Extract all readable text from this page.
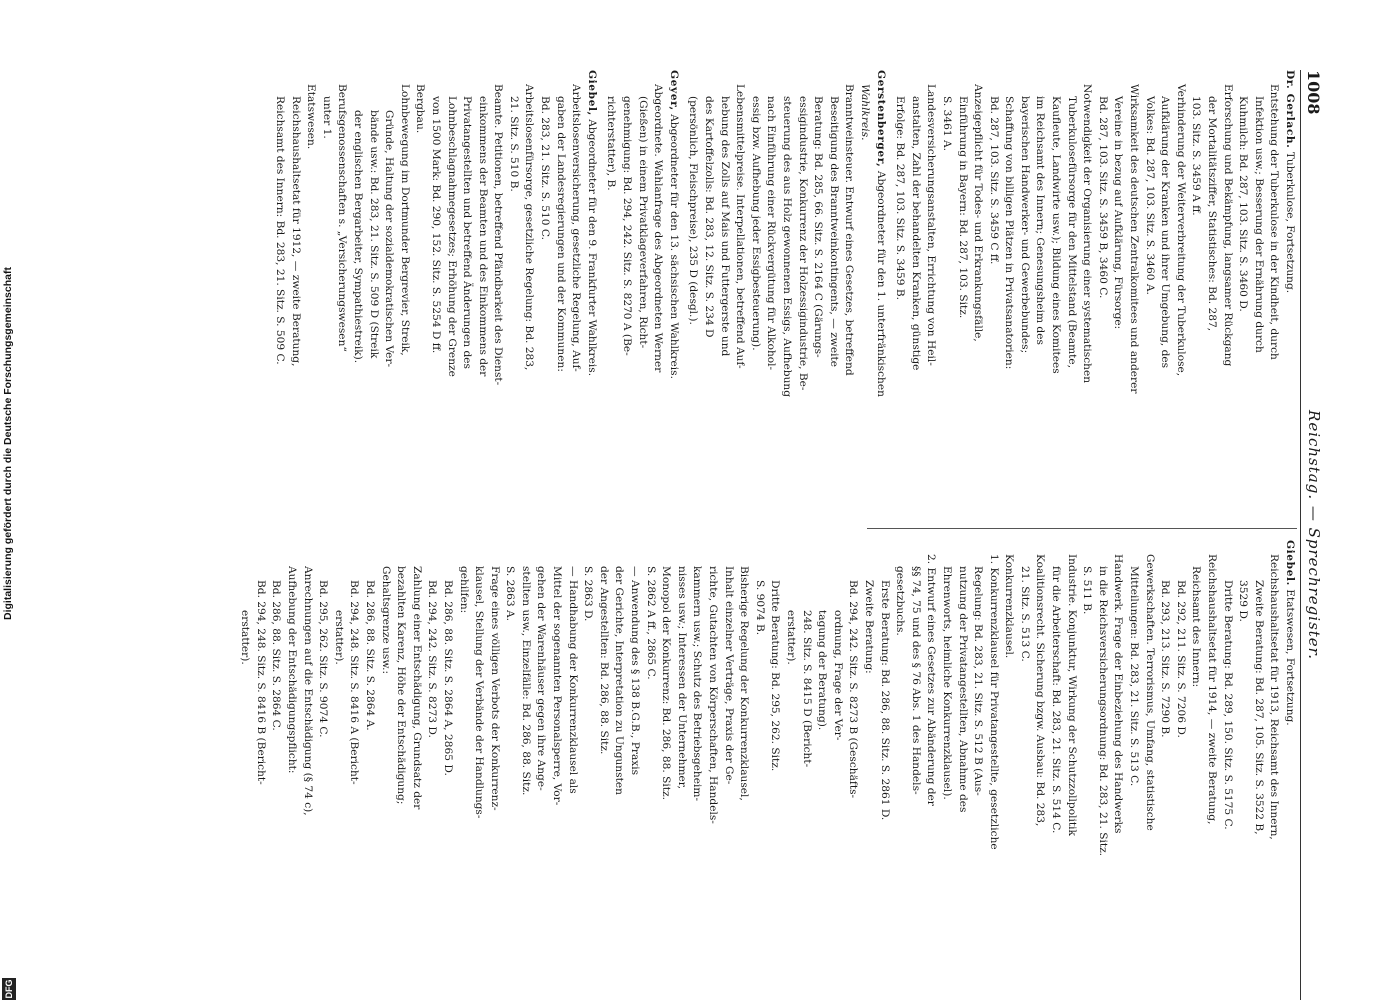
1008
Reichstag. — Sprechregister.
Dr. Gerlach. Tuberkulose, Fortsetzung.
Entstehung der Tuberkulose in der Kindheit, durch
Infektion usw.; Besserung der Ernährung durch
Kuhmilch: Bd. 287, 103. Sitz. S. 3460 D.
Erforschung und Bekämpfung, langsamer Rückgang
der Mortalitätsziffer, Statistisches: Bd. 287,
103. Sitz. S. 3459 A ff.
Verhinderung der Weiterverbreitung der Tuberkulose,
Aufklärung der Kranken und ihrer Umgebung, des
Volkes: Bd. 287, 103. Sitz. S. 3460 A.
Wirksamkeit des deutschen Zentralkomitees und anderer
Vereine in bezug auf Aufklärung, Fürsorge:
Bd. 287, 103. Sitz. S. 3459 B, 3460 C.
Notwendigkeit der Organisierung einer systematischen
Tuberkulosefürsorge für den Mittelstand (Beamte,
Kaufleute, Landwirte usw.); Bildung eines Komitees
im Reichsamt des Innern; Genesungsheim des
bayerischen Handwerker- und Gewerbebundes;
Schaffung von billigen Plätzen in Privatsanatorien:
Bd. 287, 103. Sitz. S. 3459 C ff.
Anzeigepflicht für Todes- und Erkrankungsfälle,
Einführung in Bayern: Bd. 287, 103. Sitz.
S. 3461 A.
Landesversicherungsanstalten, Errichtung von Heil-
anstalten, Zahl der behandelten Kranken, günstige
Erfolge: Bd. 287, 103. Sitz. S. 3459 B.
Gerstenberger, Abgeordneter für den 1. unterfränkischen
Wahlkreis.
Branntweinsteuer. Entwurf eines Gesetzes, betreffend
Beseitigung des Branntweinkontingents, — zweite
Beratung: Bd. 285, 66. Sitz. S. 2164 C (Gärungs-
essigindustrie, Konkurrenz der Holzessigindustrie, Be-
steuerung des aus Holz gewonnenen Essigs, Aufhebung
nach Einführung einer Rückvergütung für Alkohol-
essig bzw. Aufhebung jeder Essigbesteuerung).
Lebensmittelpreise. Interpellationen, betreffend Auf-
hebung des Zolls auf Mais und Futtergerste und
des Kartoffelzolls: Bd. 283, 12. Sitz. S. 234 D
(persönlich, Fleischpreise), 235 D (desgl.).
Geyer, Abgeordneter für den 13. sächsischen Wahlkreis.
Abgeordnete. Wahlanfrage des Abgeordneten Werner
(Gießen) in einem Privatklageverfahren, Richt-
genehmigung: Bd. 294, 242. Sitz. S. 8270 A (Be-
richterstatter), B.
Giebel, Abgeordneter für den 9. Frankfurter Wahlkreis.
Arbeitslosenversicherung, gesetzliche Regelung, Auf-
gaben der Landesregierungen und der Kommunen:
Bd. 283, 21. Sitz. S. 510 C.
Arbeitslosenfürsorge, gesetzliche Regelung: Bd. 283,
21. Sitz. S. 510 B.
Beamte. Petitionen, betreffend Pfändbarkeit des Dienst-
einkommens der Beamten und des Einkommens der
Privatangestellten und betreffend Änderungen des
Lohnbeschlagnahmegesetzes; Erhöhung der Grenze
von 1500 Mark: Bd. 290, 152. Sitz. S. 5254 D ff.
Bergbau.
Lohnbewegung im Dortmunder Bergrevier, Streik,
Gründe, Haltung der sozialdemokratischen Ver-
bände usw.: Bd. 283, 21. Sitz. S. 509 D (Streik
der englischen Bergarbeiter, Sympathiestreik).
Berufsgenossenschaften s. „Versicherungswesen“
unter 1.
Etatswesen.
Reichshaushaltsetat für 1912, — zweite Beratung,
Reichsamt des Innern: Bd. 283, 21. Sitz. S. 509 C.
Giebel. Etatswesen, Fortsetzung.
Reichshaushaltsetat für 1913, Reichsamt des Innern,
Zweite Beratung: Bd. 287, 105. Sitz. S. 3522 B,
3529 D.
Dritte Beratung: Bd. 289, 150. Sitz. S. 5175 C.
Reichshaushaltsetat für 1914, — zweite Beratung,
Reichsamt des Innern:
Bd. 292, 211. Sitz. S. 7206 D.
Bd. 293, 213. Sitz. S. 7290 B.
Gewerkschaften. Terrorismus, Umfang, statistische
Mitteilungen: Bd. 283, 21. Sitz. S. 513 C.
Handwerk. Frage der Einbeziehung des Handwerks
in die Reichsversicherungsordnung: Bd. 283, 21. Sitz.
S. 511 B.
Industrie. Konjunktur, Wirkung der Schutzzollpolitik
für die Arbeiterschaft: Bd. 283, 21. Sitz. S. 514 C.
Koalitionsrecht. Sicherung bzgw. Ausbau: Bd. 283,
21. Sitz. S. 513 C.
Konkurrenzklausel.
1. Konkurrenzklausel für Privatangestellte, gesetzliche
Regelung: Bd. 283, 21. Sitz. S. 512 B (Aus-
nutzung der Privatangestellten, Abnahme des
Ehrenworts, heimliche Konkurrenzklausel).
2. Entwurf eines Gesetzes zur Abänderung der
§§ 74, 75 und des § 76 Abs. 1 des Handels-
gesetzbuchs.
Erste Beratung: Bd. 286, 88. Sitz. S. 2861 D.
Zweite Beratung:
Bd. 294, 242. Sitz. S. 8273 B (Geschäfts-
ordnung, Frage der Ver-
tagung der Beratung).
248. Sitz. S. 8415 D (Bericht-
erstatter).
Dritte Beratung: Bd. 295, 262. Sitz.
S. 9074 B.
Bisherige Regelung der Konkurrenzklausel,
Inhalt einzelner Verträge, Praxis der Ge-
richte, Gutachten von Körperschaften, Handels-
kammern usw.; Schutz des Betriebsgeheim-
nisses usw.; Interessen der Unternehmer,
Monopol der Konkurrenz: Bd. 286, 88. Sitz.
S. 2862 A ff., 2865 C.
— Anwendung des § 138 B.G.B., Praxis
der Gerichte, Interpretation zu Ungunsten
der Angestellten: Bd. 286, 88. Sitz.
S. 2863 D.
— Handhabung der Konkurrenzklausel als
Mittel der sogenannten Personalsperre, Vor-
gehen der Warenhäuser gegen ihre Ange-
stellten usw., Einzelfälle: Bd. 286, 88. Sitz.
S. 2863 A.
Frage eines völligen Verbots der Konkurrenz-
klausel, Stellung der Verbände der Handlungs-
gehilfen:
Bd. 286, 88. Sitz. S. 2864 A, 2865 D.
Bd. 294, 242. Sitz. S. 8273 D.
Zahlung einer Entschädigung, Grundsatz der
bezahlten Karenz, Höhe der Entschädigung;
Gehaltsgrenze usw.:
Bd. 286, 88. Sitz. S. 2864 A.
Bd. 294, 248. Sitz. S. 8416 A (Bericht-
erstatter).
Bd. 295, 262. Sitz. S. 9074 C.
Anrechnungen auf die Entschädigung (§ 74 c),
Aufhebung der Entschädigungspflicht:
Bd. 286, 88. Sitz. S. 2864 C.
Bd. 294, 248. Sitz. S. 8416 B (Bericht-
erstatter).
Digitalisierung gefördert durch die Deutsche Forschungsgemeinschaft
DFG
